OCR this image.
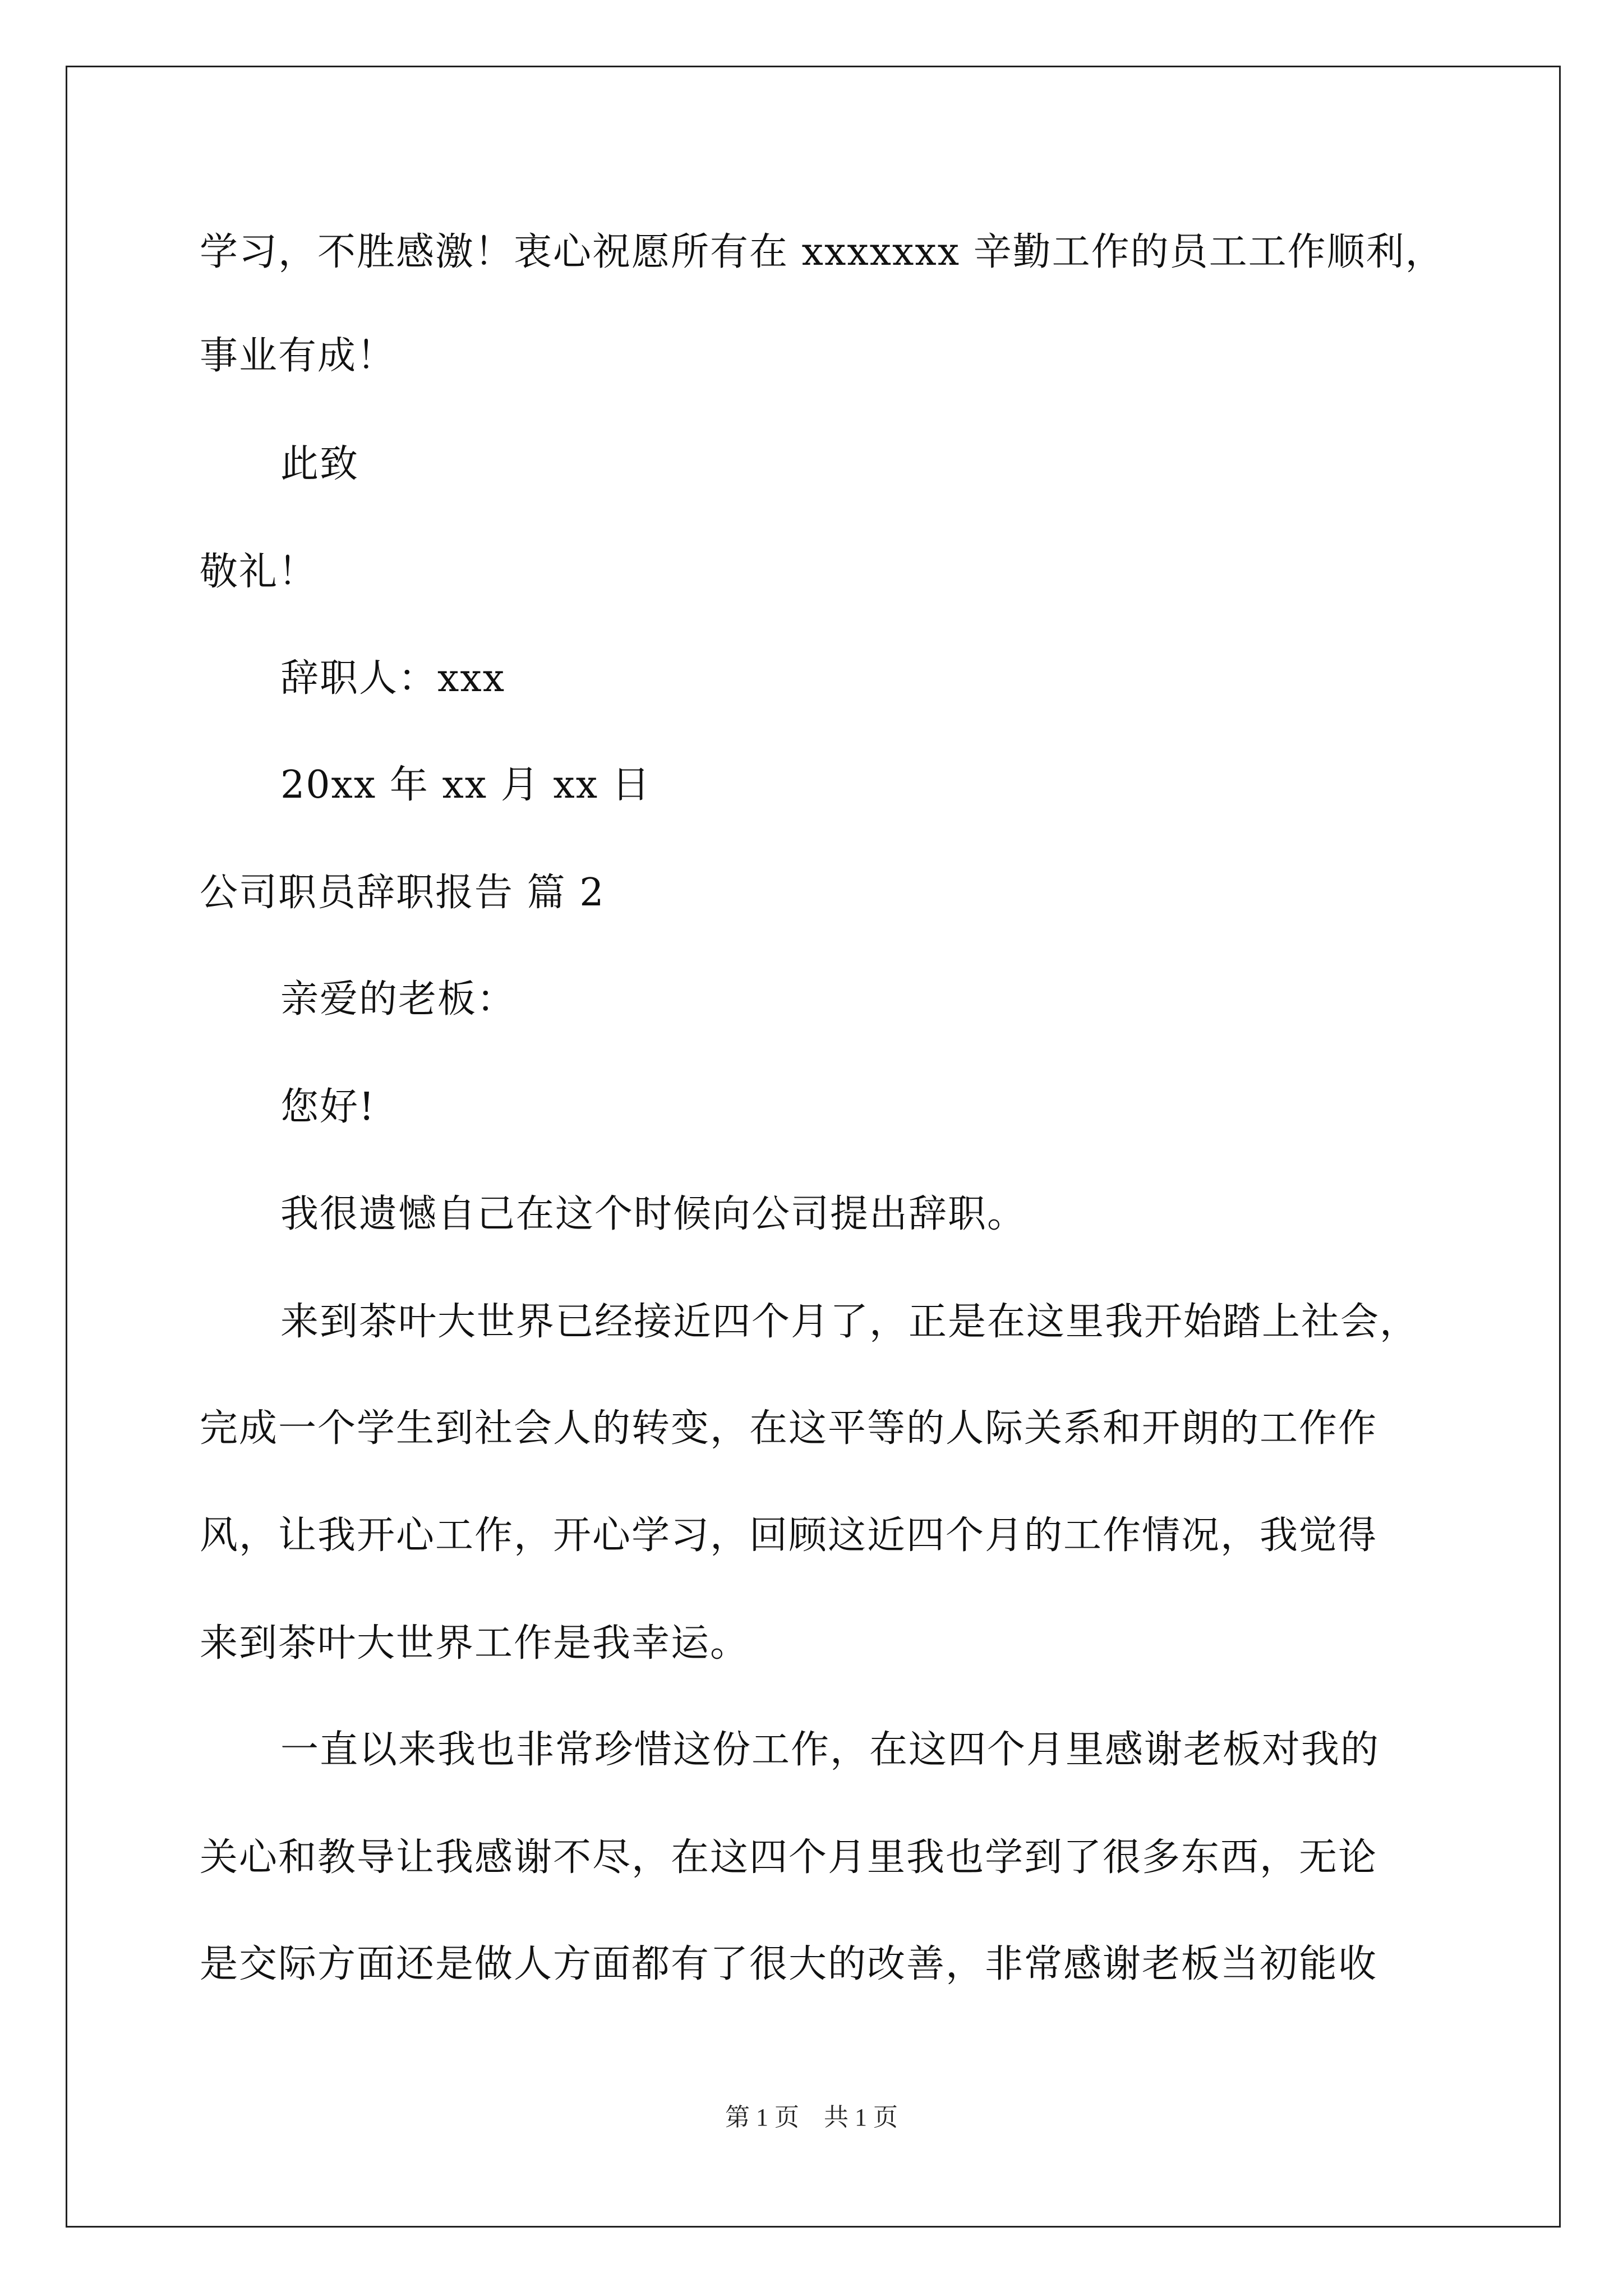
学习，不胜感激！衷心祝愿所有在 xxxxxxx 辛勤工作的员工工作顺利，
事业有成！
此致
敬礼！
辞职人：xxx
20xx 年 xx 月 xx 日
公司职员辞职报告 篇 2
亲爱的老板：
您好!
我很遗憾自己在这个时候向公司提出辞职。
来到茶叶大世界已经接近四个月了，正是在这里我开始踏上社会，
完成一个学生到社会人的转变，在这平等的人际关系和开朗的工作作
风，让我开心工作，开心学习，回顾这近四个月的工作情况，我觉得
来到茶叶大世界工作是我幸运。
一直以来我也非常珍惜这份工作，在这四个月里感谢老板对我的
关心和教导让我感谢不尽，在这四个月里我也学到了很多东西，无论
是交际方面还是做人方面都有了很大的改善，非常感谢老板当初能收
第 1 页　共 1 页
